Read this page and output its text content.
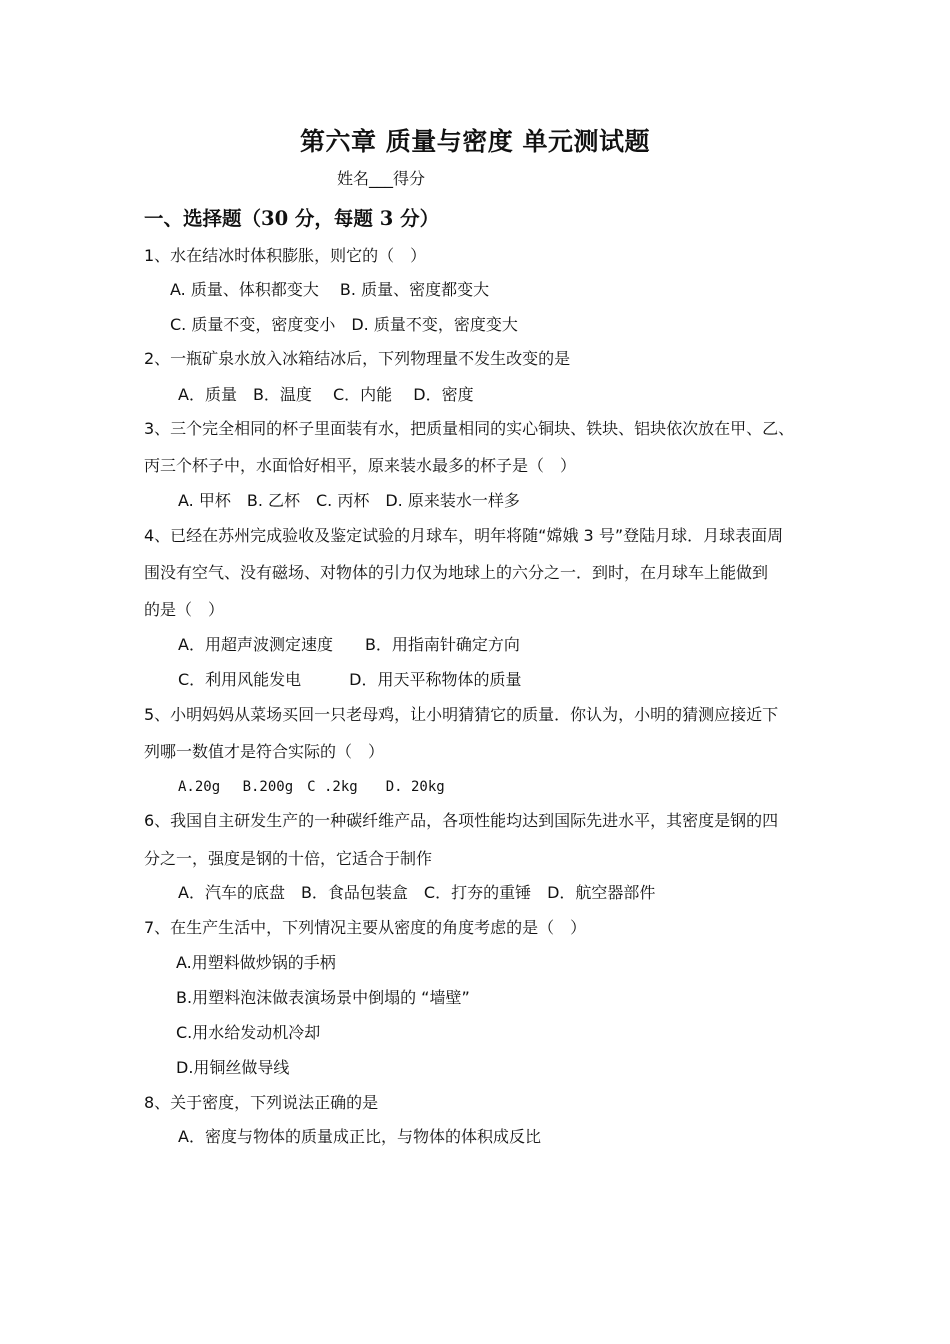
第六章 质量与密度 单元测试题
姓名___得分
一、选择题（30 分，每题 3 分）
1、水在结冰时体积膨胀，则它的（　）
A. 质量、体积都变大　 B. 质量、密度都变大
C. 质量不变，密度变小　D. 质量不变，密度变大
2、一瓶矿泉水放入冰箱结冰后，下列物理量不发生改变的是
A．质量　B．温度　 C．内能　 D．密度
3、三个完全相同的杯子里面装有水，把质量相同的实心铜块、铁块、铝块依次放在甲、乙、
丙三个杯子中，水面恰好相平，原来装水最多的杯子是（　）
A. 甲杯　B. 乙杯　C. 丙杯　D. 原来装水一样多
4、已经在苏州完成验收及鉴定试验的月球车，明年将随“嫦娥 3 号”登陆月球．月球表面周
围没有空气、没有磁场、对物体的引力仅为地球上的六分之一．到时，在月球车上能做到
的是（　）
A．用超声波测定速度　　B．用指南针确定方向
C．利用风能发电　　　D．用天平称物体的质量
5、小明妈妈从菜场买回一只老母鸡，让小明猜猜它的质量．你认为，小明的猜测应接近下
列哪一数值才是符合实际的（　）
A.20g　 B.200g　C .2kg　　D. 20kg
6、我国自主研发生产的一种碳纤维产品，各项性能均达到国际先进水平，其密度是钢的四
分之一，强度是钢的十倍，它适合于制作
A．汽车的底盘　B．食品包装盒　C．打夯的重锤　D．航空器部件
7、在生产生活中，下列情况主要从密度的角度考虑的是（　）
A.用塑料做炒锅的手柄
B.用塑料泡沫做表演场景中倒塌的 “墙壁”
C.用水给发动机冷却
D.用铜丝做导线
8、关于密度，下列说法正确的是
A．密度与物体的质量成正比，与物体的体积成反比
